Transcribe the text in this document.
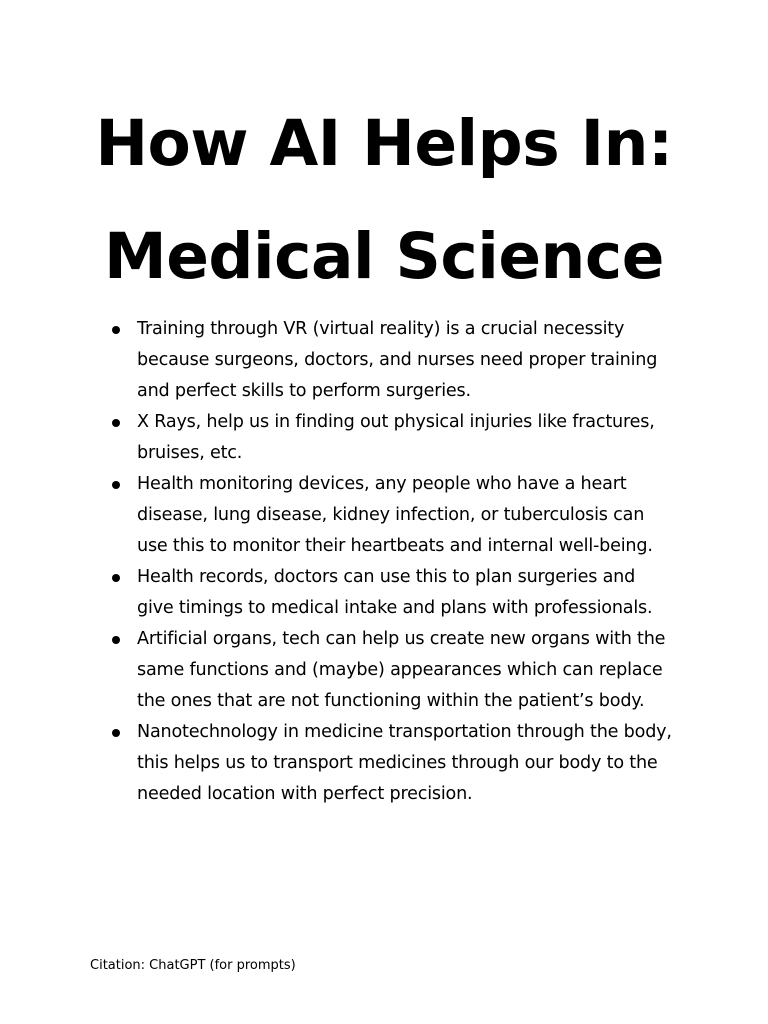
How AI Helps In:
Medical Science
Training through VR (virtual reality) is a crucial necessity
because surgeons, doctors, and nurses need proper training
and perfect skills to perform surgeries.
X Rays, help us in finding out physical injuries like fractures,
bruises, etc.
Health monitoring devices, any people who have a heart
disease, lung disease, kidney infection, or tuberculosis can
use this to monitor their heartbeats and internal well-being.
Health records, doctors can use this to plan surgeries and
give timings to medical intake and plans with professionals.
Artificial organs, tech can help us create new organs with the
same functions and (maybe) appearances which can replace
the ones that are not functioning within the patient’s body.
Nanotechnology in medicine transportation through the body,
this helps us to transport medicines through our body to the
needed location with perfect precision.
Citation: ChatGPT (for prompts)
